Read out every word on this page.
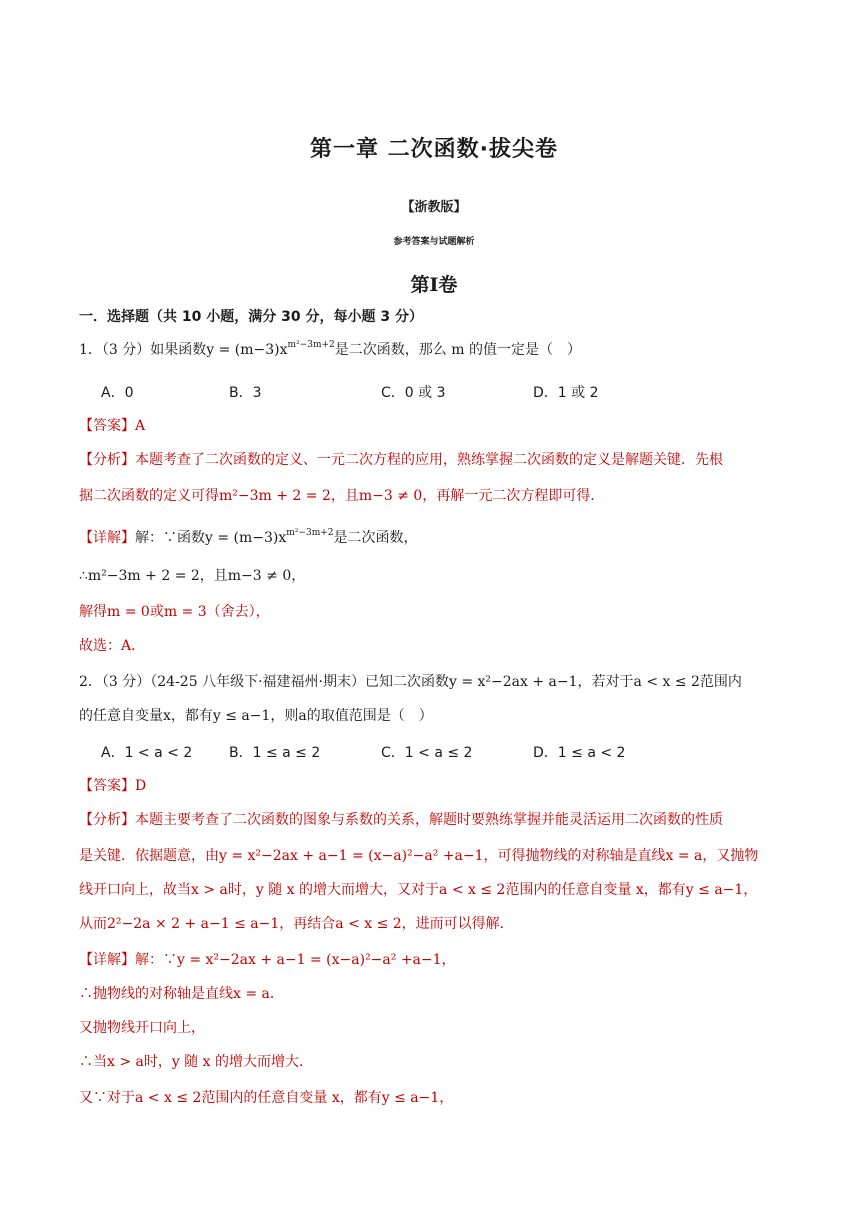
第一章 二次函数·拔尖卷
【浙教版】
参考答案与试题解析
第Ⅰ卷
一．选择题（共 10 小题，满分 30 分，每小题 3 分）
1．（3 分）如果函数$y = (m-3)x^{m^2-3m+2}$是二次函数，那么 m 的值一定是（　）
A．0	B．3	C．0 或 3	D．1 或 2
【答案】A
【分析】本题考查了二次函数的定义、一元二次方程的应用，熟练掌握二次函数的定义是解题关键．先根
据二次函数的定义可得m²−3m + 2 = 2，且m−3 ≠ 0，再解一元二次方程即可得．
【详解】解：∵函数$y = (m-3)x^{m^2-3m+2}$是二次函数，
∴m²−3m + 2 = 2，且m−3 ≠ 0，
解得m = 0或m = 3（舍去），
故选：A．
2．（3 分）（24-25 八年级下·福建福州·期末）已知二次函数y = x²−2ax + a−1，若对于a < x ≤ 2范围内
的任意自变量x，都有y ≤ a−1，则a的取值范围是（　）
A．1 < a < 2	B．1 ≤ a ≤ 2	C．1 < a ≤ 2	D．1 ≤ a < 2
【答案】D
【分析】本题主要考查了二次函数的图象与系数的关系，解题时要熟练掌握并能灵活运用二次函数的性质
是关键．依据题意，由y = x²−2ax + a−1 = (x−a)²−a² +a−1，可得抛物线的对称轴是直线x = a，又抛物
线开口向上，故当x > a时，y 随 x 的增大而增大，又对于a < x ≤ 2范围内的任意自变量 x，都有y ≤ a−1，
从而2²−2a × 2 + a−1 ≤ a−1，再结合a < x ≤ 2，进而可以得解．
【详解】解：∵y = x²−2ax + a−1 = (x−a)²−a² +a−1，
∴抛物线的对称轴是直线x = a．
又抛物线开口向上，
∴当x > a时，y 随 x 的增大而增大．
又∵对于a < x ≤ 2范围内的任意自变量 x，都有y ≤ a−1，
